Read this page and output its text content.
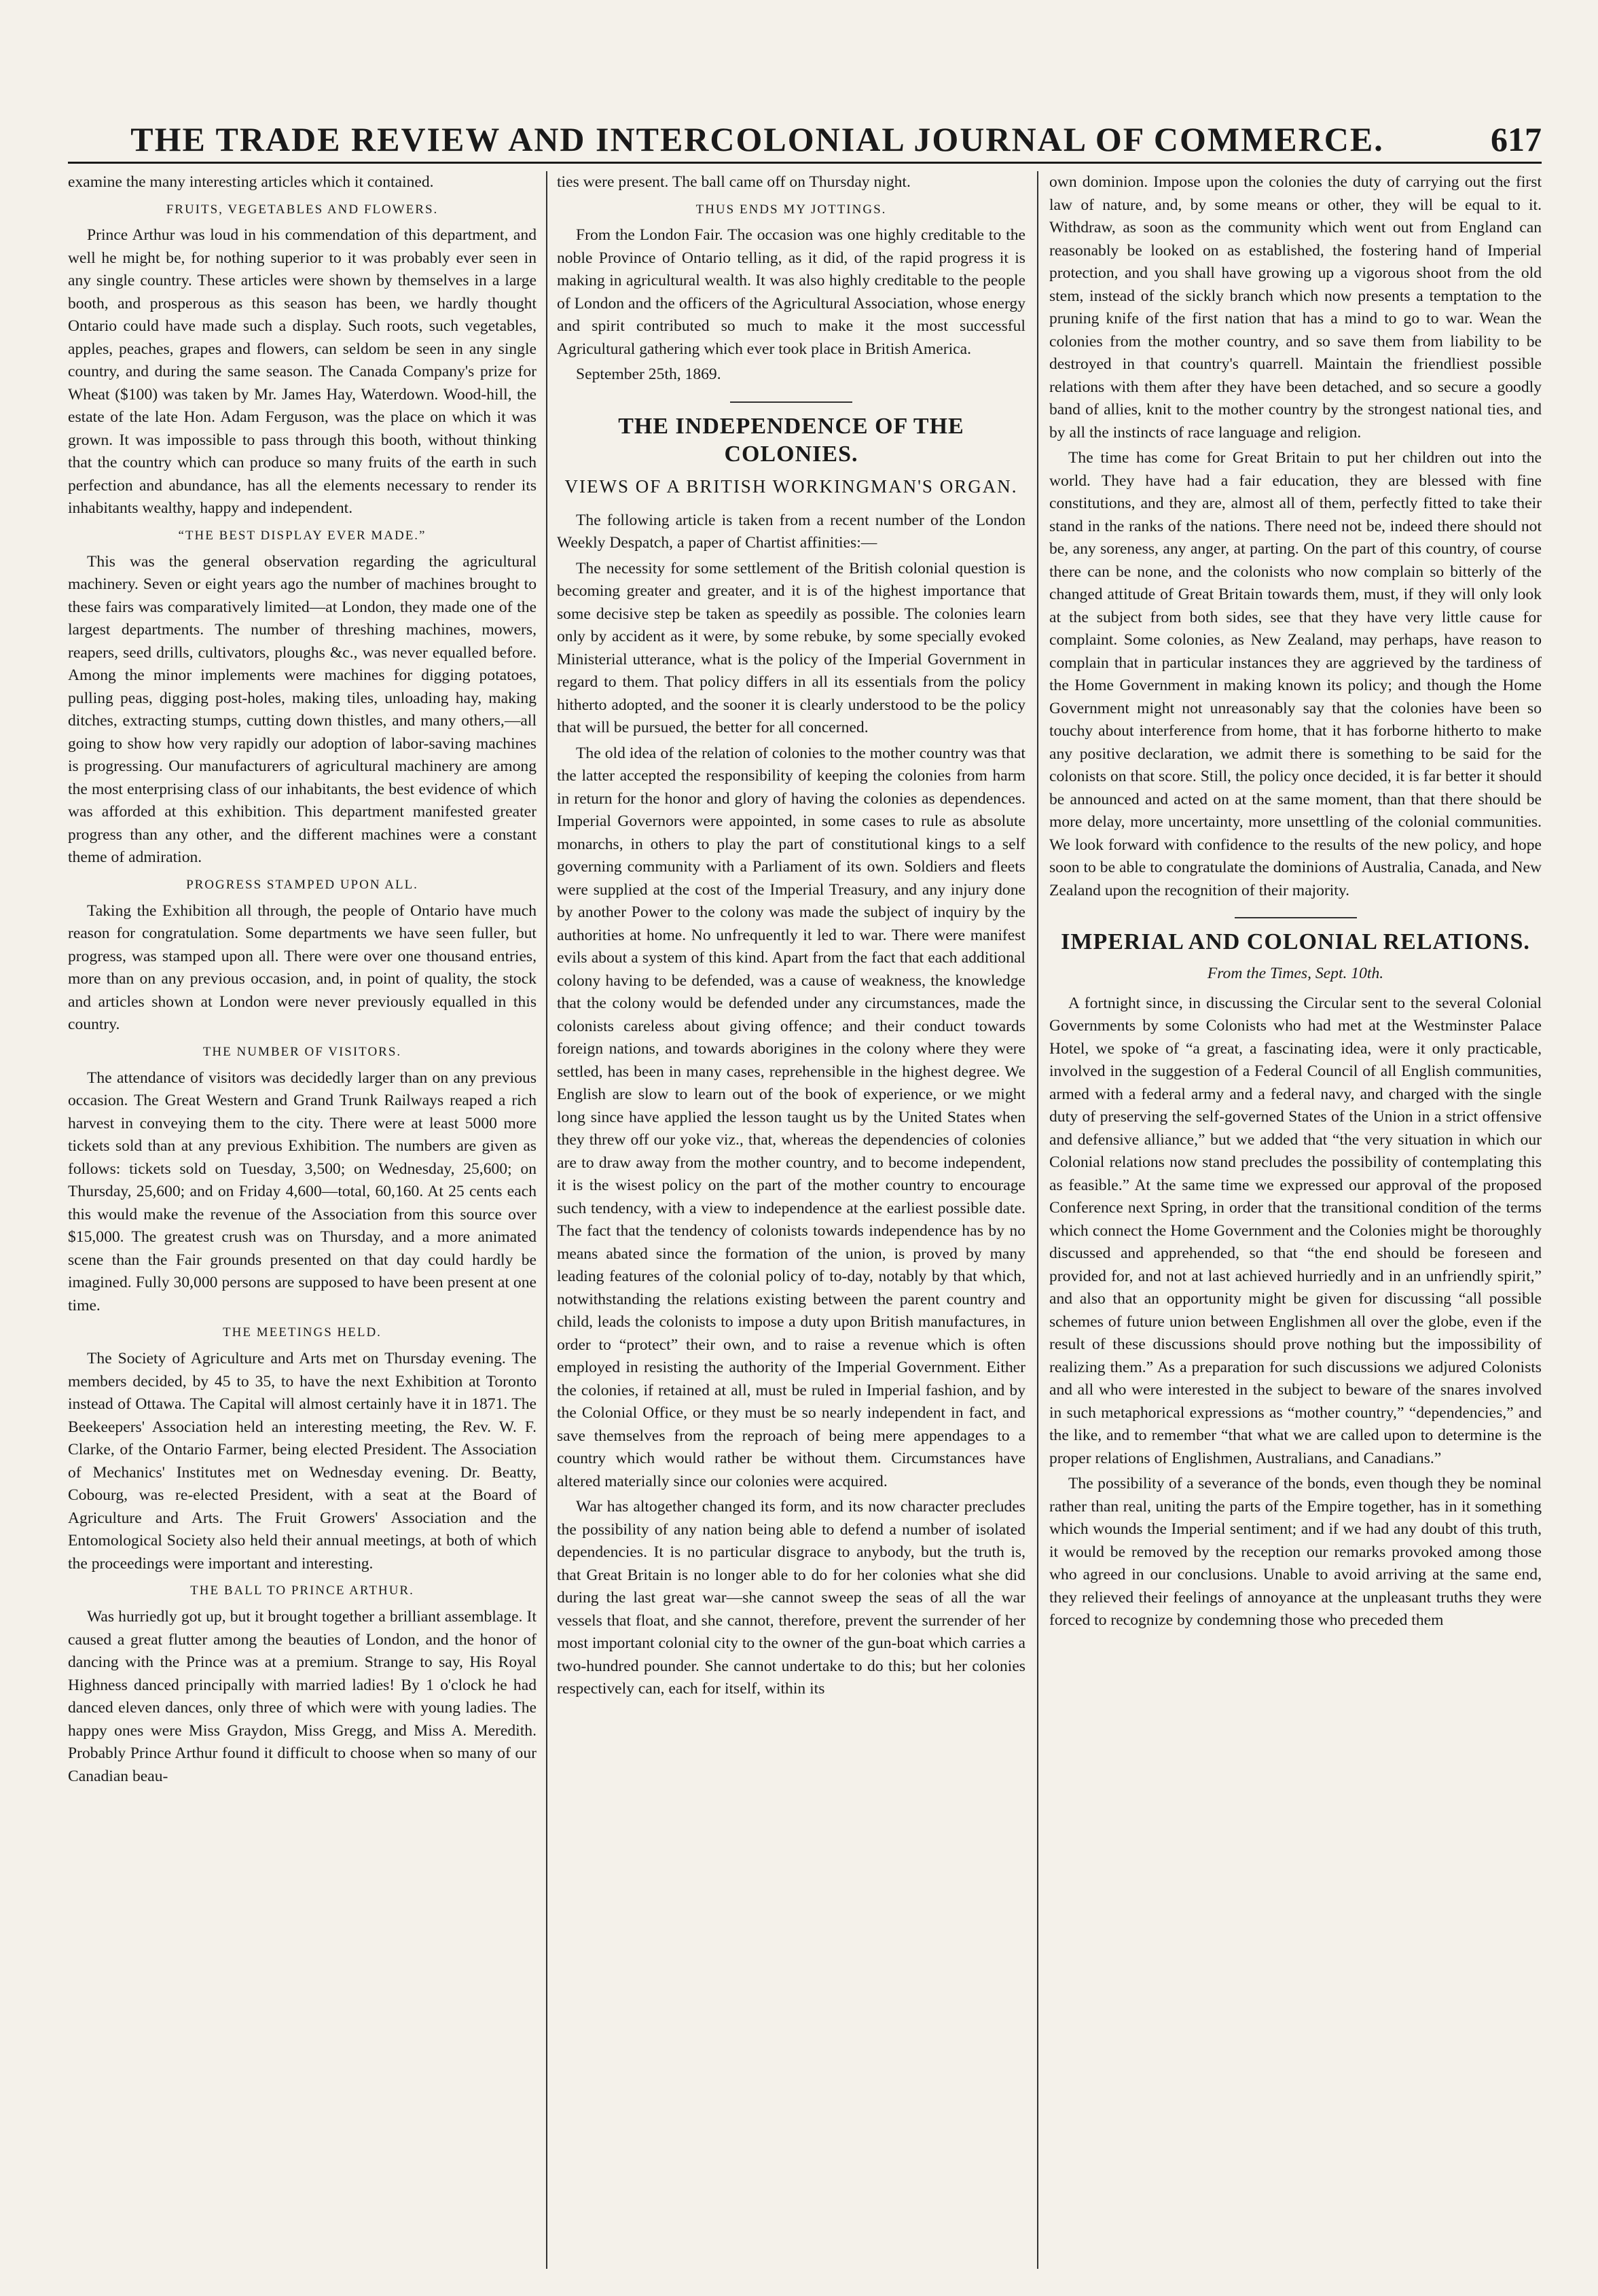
THE TRADE REVIEW AND INTERCOLONIAL JOURNAL OF COMMERCE.	617

examine the many interesting articles which it contained.

FRUITS, VEGETABLES AND FLOWERS.

Prince Arthur was loud in his commendation of this department, and well he might be, for nothing superior to it was probably ever seen in any single country. These articles were shown by themselves in a large booth, and prosperous as this season has been, we hardly thought Ontario could have made such a display. Such roots, such vegetables, apples, peaches, grapes and flowers, can seldom be seen in any single country, and during the same season. The Canada Company's prize for Wheat ($100) was taken by Mr. James Hay, Waterdown. Wood-hill, the estate of the late Hon. Adam Ferguson, was the place on which it was grown. It was impossible to pass through this booth, without thinking that the country which can produce so many fruits of the earth in such perfection and abundance, has all the elements necessary to render its inhabitants wealthy, happy and independent.

“THE BEST DISPLAY EVER MADE.”

This was the general observation regarding the agricultural machinery. Seven or eight years ago the number of machines brought to these fairs was comparatively limited—at London, they made one of the largest departments. The number of threshing machines, mowers, reapers, seed drills, cultivators, ploughs &c., was never equalled before. Among the minor implements were machines for digging potatoes, pulling peas, digging post-holes, making tiles, unloading hay, making ditches, extracting stumps, cutting down thistles, and many others,—all going to show how very rapidly our adoption of labor-saving machines is progressing. Our manufacturers of agricultural machinery are among the most enterprising class of our inhabitants, the best evidence of which was afforded at this exhibition. This department manifested greater progress than any other, and the different machines were a constant theme of admiration.

PROGRESS STAMPED UPON ALL.

Taking the Exhibition all through, the people of Ontario have much reason for congratulation. Some departments we have seen fuller, but progress, was stamped upon all. There were over one thousand entries, more than on any previous occasion, and, in point of quality, the stock and articles shown at London were never previously equalled in this country.

THE NUMBER OF VISITORS.

The attendance of visitors was decidedly larger than on any previous occasion. The Great Western and Grand Trunk Railways reaped a rich harvest in conveying them to the city. There were at least 5000 more tickets sold than at any previous Exhibition. The numbers are given as follows: tickets sold on Tuesday, 3,500; on Wednesday, 25,600; on Thursday, 25,600; and on Friday 4,600—total, 60,160. At 25 cents each this would make the revenue of the Association from this source over $15,000. The greatest crush was on Thursday, and a more animated scene than the Fair grounds presented on that day could hardly be imagined. Fully 30,000 persons are supposed to have been present at one time.

THE MEETINGS HELD.

The Society of Agriculture and Arts met on Thursday evening. The members decided, by 45 to 35, to have the next Exhibition at Toronto instead of Ottawa. The Capital will almost certainly have it in 1871. The Beekeepers' Association held an interesting meeting, the Rev. W. F. Clarke, of the Ontario Farmer, being elected President. The Association of Mechanics' Institutes met on Wednesday evening. Dr. Beatty, Cobourg, was re-elected President, with a seat at the Board of Agriculture and Arts. The Fruit Growers' Association and the Entomological Society also held their annual meetings, at both of which the proceedings were important and interesting.

THE BALL TO PRINCE ARTHUR.

Was hurriedly got up, but it brought together a brilliant assemblage. It caused a great flutter among the beauties of London, and the honor of dancing with the Prince was at a premium. Strange to say, His Royal Highness danced principally with married ladies! By 1 o'clock he had danced eleven dances, only three of which were with young ladies. The happy ones were Miss Graydon, Miss Gregg, and Miss A. Meredith. Probably Prince Arthur found it difficult to choose when so many of our Canadian beau-

ties were present. The ball came off on Thursday night.

THUS ENDS MY JOTTINGS.

From the London Fair. The occasion was one highly creditable to the noble Province of Ontario telling, as it did, of the rapid progress it is making in agricultural wealth. It was also highly creditable to the people of London and the officers of the Agricultural Association, whose energy and spirit contributed so much to make it the most successful Agricultural gathering which ever took place in British America.

September 25th, 1869.
THE INDEPENDENCE OF THE COLONIES.
VIEWS OF A BRITISH WORKINGMAN'S ORGAN.

The following article is taken from a recent number of the London Weekly Despatch, a paper of Chartist affinities:—

The necessity for some settlement of the British colonial question is becoming greater and greater, and it is of the highest importance that some decisive step be taken as speedily as possible. The colonies learn only by accident as it were, by some rebuke, by some specially evoked Ministerial utterance, what is the policy of the Imperial Government in regard to them. That policy differs in all its essentials from the policy hitherto adopted, and the sooner it is clearly understood to be the policy that will be pursued, the better for all concerned.

The old idea of the relation of colonies to the mother country was that the latter accepted the responsibility of keeping the colonies from harm in return for the honor and glory of having the colonies as dependences. Imperial Governors were appointed, in some cases to rule as absolute monarchs, in others to play the part of constitutional kings to a self governing community with a Parliament of its own. Soldiers and fleets were supplied at the cost of the Imperial Treasury, and any injury done by another Power to the colony was made the subject of inquiry by the authorities at home. No unfrequently it led to war. There were manifest evils about a system of this kind. Apart from the fact that each additional colony having to be defended, was a cause of weakness, the knowledge that the colony would be defended under any circumstances, made the colonists careless about giving offence; and their conduct towards foreign nations, and towards aborigines in the colony where they were settled, has been in many cases, reprehensible in the highest degree. We English are slow to learn out of the book of experience, or we might long since have applied the lesson taught us by the United States when they threw off our yoke viz., that, whereas the dependencies of colonies are to draw away from the mother country, and to become independent, it is the wisest policy on the part of the mother country to encourage such tendency, with a view to independence at the earliest possible date. The fact that the tendency of colonists towards independence has by no means abated since the formation of the union, is proved by many leading features of the colonial policy of to-day, notably by that which, notwithstanding the relations existing between the parent country and child, leads the colonists to impose a duty upon British manufactures, in order to “protect” their own, and to raise a revenue which is often employed in resisting the authority of the Imperial Government. Either the colonies, if retained at all, must be ruled in Imperial fashion, and by the Colonial Office, or they must be so nearly independent in fact, and save themselves from the reproach of being mere appendages to a country which would rather be without them. Circumstances have altered materially since our colonies were acquired.

War has altogether changed its form, and its now character precludes the possibility of any nation being able to defend a number of isolated dependencies. It is no particular disgrace to anybody, but the truth is, that Great Britain is no longer able to do for her colonies what she did during the last great war—she cannot sweep the seas of all the war vessels that float, and she cannot, therefore, prevent the surrender of her most important colonial city to the owner of the gun-boat which carries a two-hundred pounder. She cannot undertake to do this; but her colonies respectively can, each for itself, within its

own dominion. Impose upon the colonies the duty of carrying out the first law of nature, and, by some means or other, they will be equal to it. Withdraw, as soon as the community which went out from England can reasonably be looked on as established, the fostering hand of Imperial protection, and you shall have growing up a vigorous shoot from the old stem, instead of the sickly branch which now presents a temptation to the pruning knife of the first nation that has a mind to go to war. Wean the colonies from the mother country, and so save them from liability to be destroyed in that country's quarrell. Maintain the friendliest possible relations with them after they have been detached, and so secure a goodly band of allies, knit to the mother country by the strongest national ties, and by all the instincts of race language and religion.

The time has come for Great Britain to put her children out into the world. They have had a fair education, they are blessed with fine constitutions, and they are, almost all of them, perfectly fitted to take their stand in the ranks of the nations. There need not be, indeed there should not be, any soreness, any anger, at parting. On the part of this country, of course there can be none, and the colonists who now complain so bitterly of the changed attitude of Great Britain towards them, must, if they will only look at the subject from both sides, see that they have very little cause for complaint. Some colonies, as New Zealand, may perhaps, have reason to complain that in particular instances they are aggrieved by the tardiness of the Home Government in making known its policy; and though the Home Government might not unreasonably say that the colonies have been so touchy about interference from home, that it has forborne hitherto to make any positive declaration, we admit there is something to be said for the colonists on that score. Still, the policy once decided, it is far better it should be announced and acted on at the same moment, than that there should be more delay, more uncertainty, more unsettling of the colonial communities. We look forward with confidence to the results of the new policy, and hope soon to be able to congratulate the dominions of Australia, Canada, and New Zealand upon the recognition of their majority.

IMPERIAL AND COLONIAL RELATIONS.
From the Times, Sept. 10th.

A fortnight since, in discussing the Circular sent to the several Colonial Governments by some Colonists who had met at the Westminster Palace Hotel, we spoke of “a great, a fascinating idea, were it only practicable, involved in the suggestion of a Federal Council of all English communities, armed with a federal army and a federal navy, and charged with the single duty of preserving the self-governed States of the Union in a strict offensive and defensive alliance,” but we added that “the very situation in which our Colonial relations now stand precludes the possibility of contemplating this as feasible.” At the same time we expressed our approval of the proposed Conference next Spring, in order that the transitional condition of the terms which connect the Home Government and the Colonies might be thoroughly discussed and apprehended, so that “the end should be foreseen and provided for, and not at last achieved hurriedly and in an unfriendly spirit,” and also that an opportunity might be given for discussing “all possible schemes of future union between Englishmen all over the globe, even if the result of these discussions should prove nothing but the impossibility of realizing them.” As a preparation for such discussions we adjured Colonists and all who were interested in the subject to beware of the snares involved in such metaphorical expressions as “mother country,” “dependencies,” and the like, and to remember “that what we are called upon to determine is the proper relations of Englishmen, Australians, and Canadians.”

The possibility of a severance of the bonds, even though they be nominal rather than real, uniting the parts of the Empire together, has in it something which wounds the Imperial sentiment; and if we had any doubt of this truth, it would be removed by the reception our remarks provoked among those who agreed in our conclusions. Unable to avoid arriving at the same end, they relieved their feelings of annoyance at the unpleasant truths they were forced to recognize by condemning those who preceded them
